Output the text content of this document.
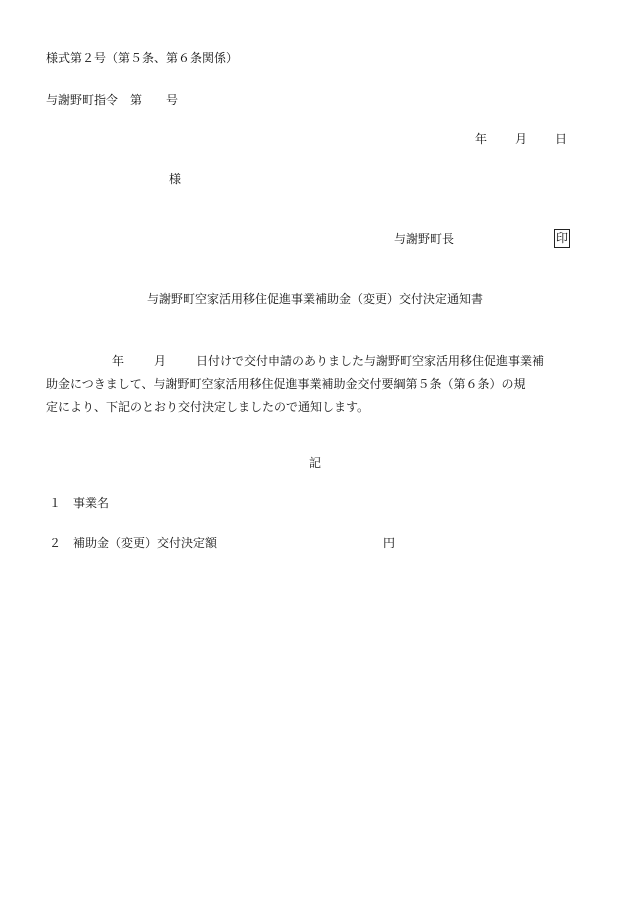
様式第２号（第５条、第６条関係）
与謝野町指令 第 号
年 月 日
様
与謝野町長	印
与謝野町空家活用移住促進事業補助金（変更）交付決定通知書
年	月	日付けで交付申請のありました与謝野町空家活用移住促進事業補
助金につきまして、与謝野町空家活用移住促進事業補助金交付要綱第５条（第６条）の規
定により、下記のとおり交付決定しましたので通知します。
記
１ 事業名
２ 補助金（変更）交付決定額	円
